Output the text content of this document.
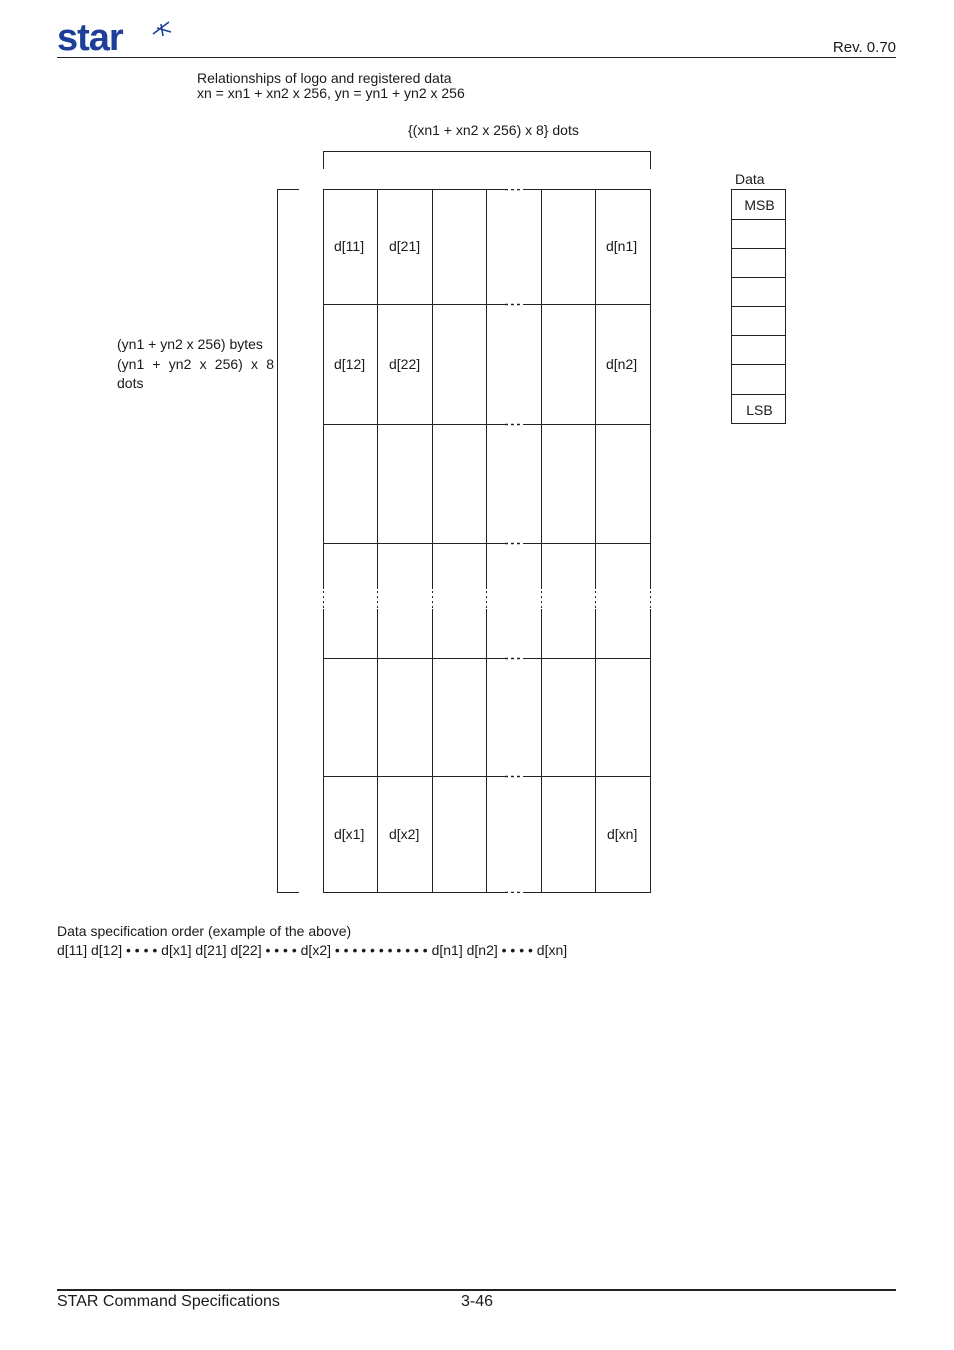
star	Rev. 0.70
Relationships of logo and registered data
xn = xn1 + xn2 x 256, yn = yn1 + yn2 x 256
{(xn1 + xn2 x 256) x 8} dots
(yn1 + yn2 x 256) bytes
(yn1 + yn2 x 256) x 8
dots
d[11] d[21]	d[n1]
d[12] d[22]	d[n2]
d[x1] d[x2]	d[xn]
Data
MSB
LSB
Data specification order (example of the above)
d[11] d[12] • • • • d[x1] d[21] d[22] • • • • d[x2] • • • • • • • • • • • d[n1] d[n2] • • • • d[xn]
STAR Command Specifications	3-46
